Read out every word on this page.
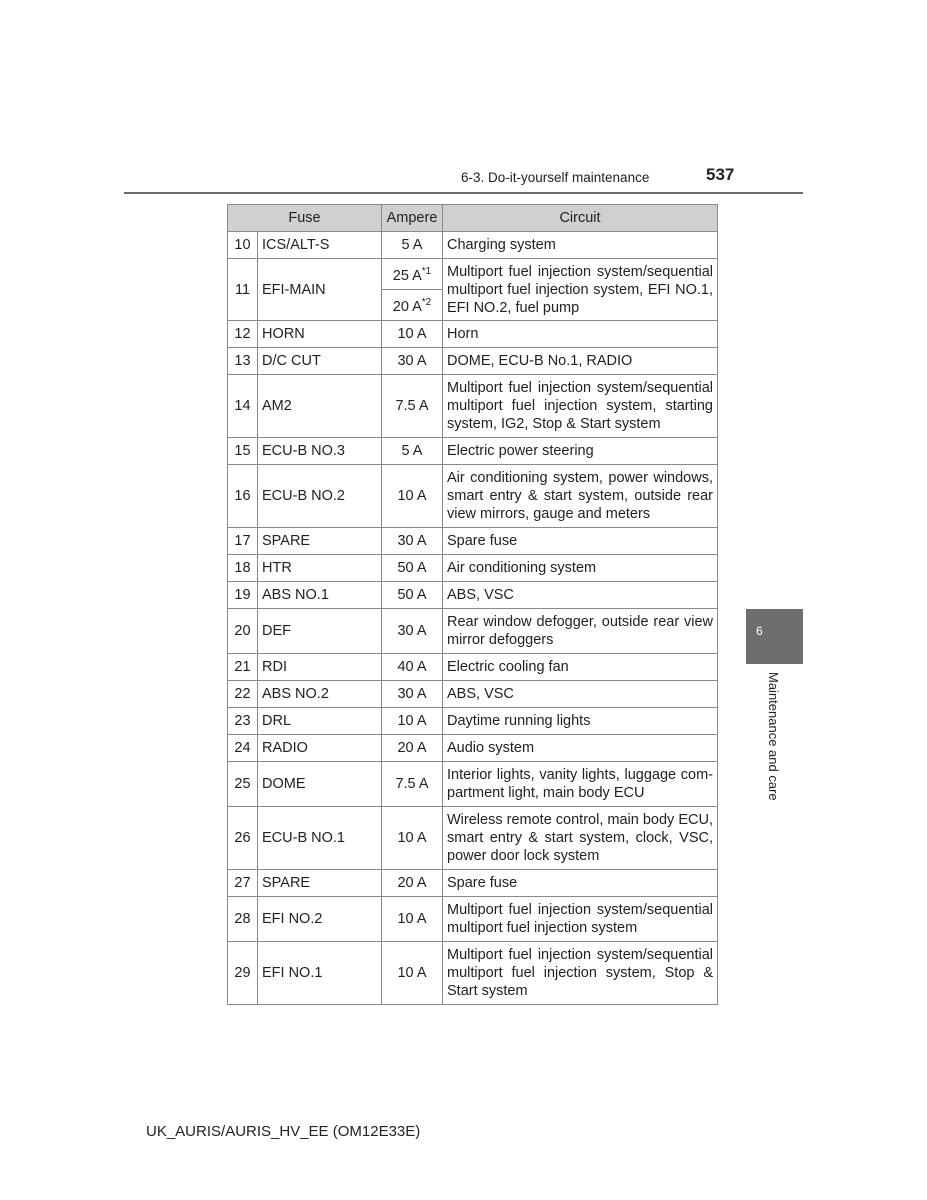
6-3. Do-it-yourself maintenance	537
Fuse		Ampere	Circuit
10	ICS/ALT-S	5 A	Charging system
11	EFI-MAIN	25 $A^{*1}$	Multiport fuel injection system/sequential multiport fuel injection system, EFI NO.1, EFI NO.2, fuel pump
		20 $A^{*2}$
12	HORN	10 A	Horn
13	D/C CUT	30 A	DOME, ECU-B No.1, RADIO
14	AM2	7.5 A	Multiport fuel injection system/sequential multiport fuel injection system, starting system, IG2, Stop & Start system
15	ECU-B NO.3	5 A	Electric power steering
16	ECU-B NO.2	10 A	Air conditioning system, power windows, smart entry & start system, outside rear view mirrors, gauge and meters
17	SPARE	30 A	Spare fuse
18	HTR	50 A	Air conditioning system
19	ABS NO.1	50 A	ABS, VSC
20	DEF	30 A	Rear window defogger, outside rear view mirror defoggers
21	RDI	40 A	Electric cooling fan
22	ABS NO.2	30 A	ABS, VSC
23	DRL	10 A	Daytime running lights
24	RADIO	20 A	Audio system
25	DOME	7.5 A	Interior lights, vanity lights, luggage com-partment light, main body ECU
26	ECU-B NO.1	10 A	Wireless remote control, main body ECU, smart entry & start system, clock, VSC, power door lock system
27	SPARE	20 A	Spare fuse
28	EFI NO.2	10 A	Multiport fuel injection system/sequential multiport fuel injection system
29	EFI NO.1	10 A	Multiport fuel injection system/sequential multiport fuel injection system, Stop & Start system
6
Maintenance and care
UK_AURIS/AURIS_HV_EE (OM12E33E)
